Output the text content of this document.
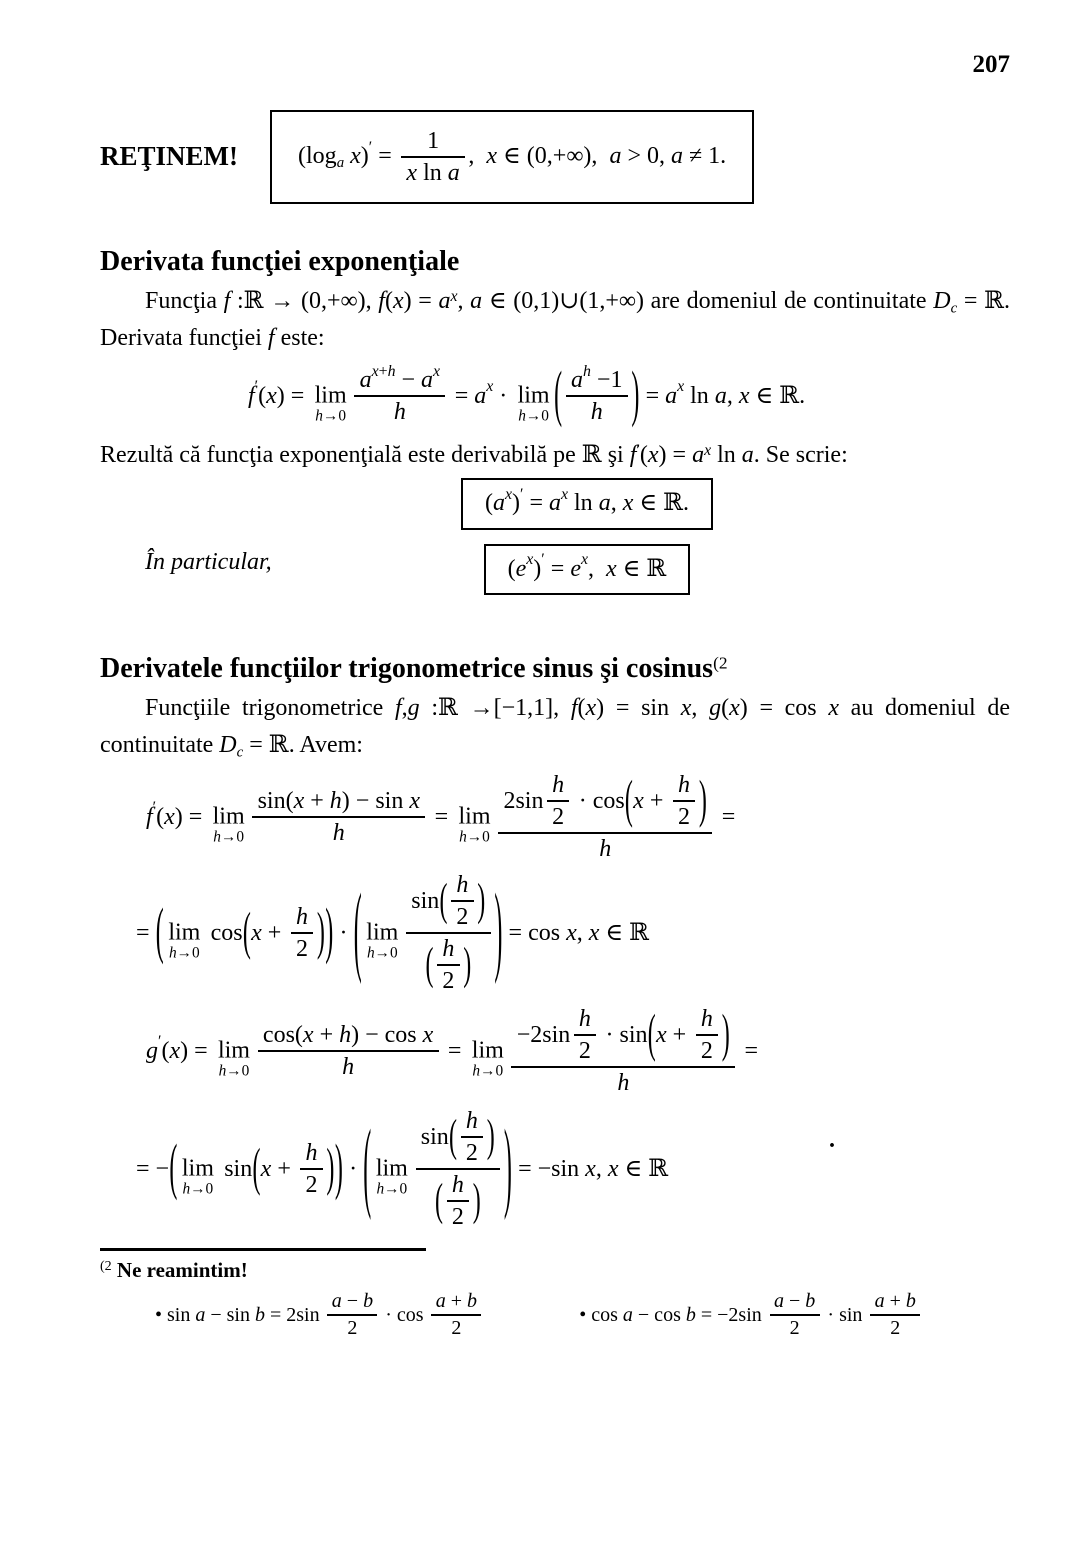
207
REŢINEM!	(log a x ) ′ = $\frac{1}{\text{x ln a}}$ , x ∈ (0,+∞), a > 0, a ≠ 1.
Derivata funcţiei exponenţiale
Funcţia f :ℝ → (0,+∞), $f(x) = a^x$, a ∈ (0,1)∪(1,+∞) are domeniul de continuitate Dc = ℝ. Derivata funcţiei f este:
f ′ ( x ) = lim
$h \to 0 \frac{\text{a x + h − a x}}{h} = a$ x · lim
h →0 ( $\frac{\text{a h −1}}{h}$ ) = a x ln a , x ∈ ℝ.
Rezultă că funcţia exponenţială este derivabilă pe ℝ şi $f'(x) = a^x$ ln a. Se scrie:
În particular,
( a x ) ′ = a x ln a , x ∈ ℝ.
( e x ) ′ = e x , x ∈ ℝ
Derivatele funcţiilor trigonometrice sinus şi cosinus$^{(2}$
Funcţiile trigonometrice f,g :ℝ →[−1,1], f(x) = sin x, g(x) = cos x au domeniul de continuitate Dc = ℝ. Avem:
f ′ ( x ) = lim
$h \to 0 \frac{\text{sin( x + h ) − sin x}}{h} = \lim$
$h \to 0 \frac{2\sin \frac{h}{2} \cdot \cos ( x + \frac{h}{2} )}{h}$ =
= ( lim
h →0
cos ( $x + \frac{h}{2}$ ) ) · ( lim
$h \to 0 \frac{\sin ( \frac{h}{2} )}{( \frac{h}{2} )}$ ) = cos x , x ∈ ℝ
g ′ ( x ) = lim
$h \to 0 \frac{\text{cos( x + h ) − cos x}}{h} = \lim$
$h \to 0 \frac{-2\sin \frac{h}{2} \cdot \sin ( x + \frac{h}{2} )}{h}$ =
= − ( lim
h →0
sin ( $x + \frac{h}{2}$ ) ) · ( lim
$h \to 0 \frac{\sin ( \frac{h}{2} )}{( \frac{h}{2} )}$ ) = −sin x , x ∈ ℝ
.
$^{(2}$ Ne reamintim!
• $\sin a - \sin b = 2\sin \frac{a - b}{2} \cdot \cos \frac{a + b}{2}$	• $\cos a - \cos b = -2\sin \frac{a - b}{2} \cdot \sin \frac{a + b}{2}$
